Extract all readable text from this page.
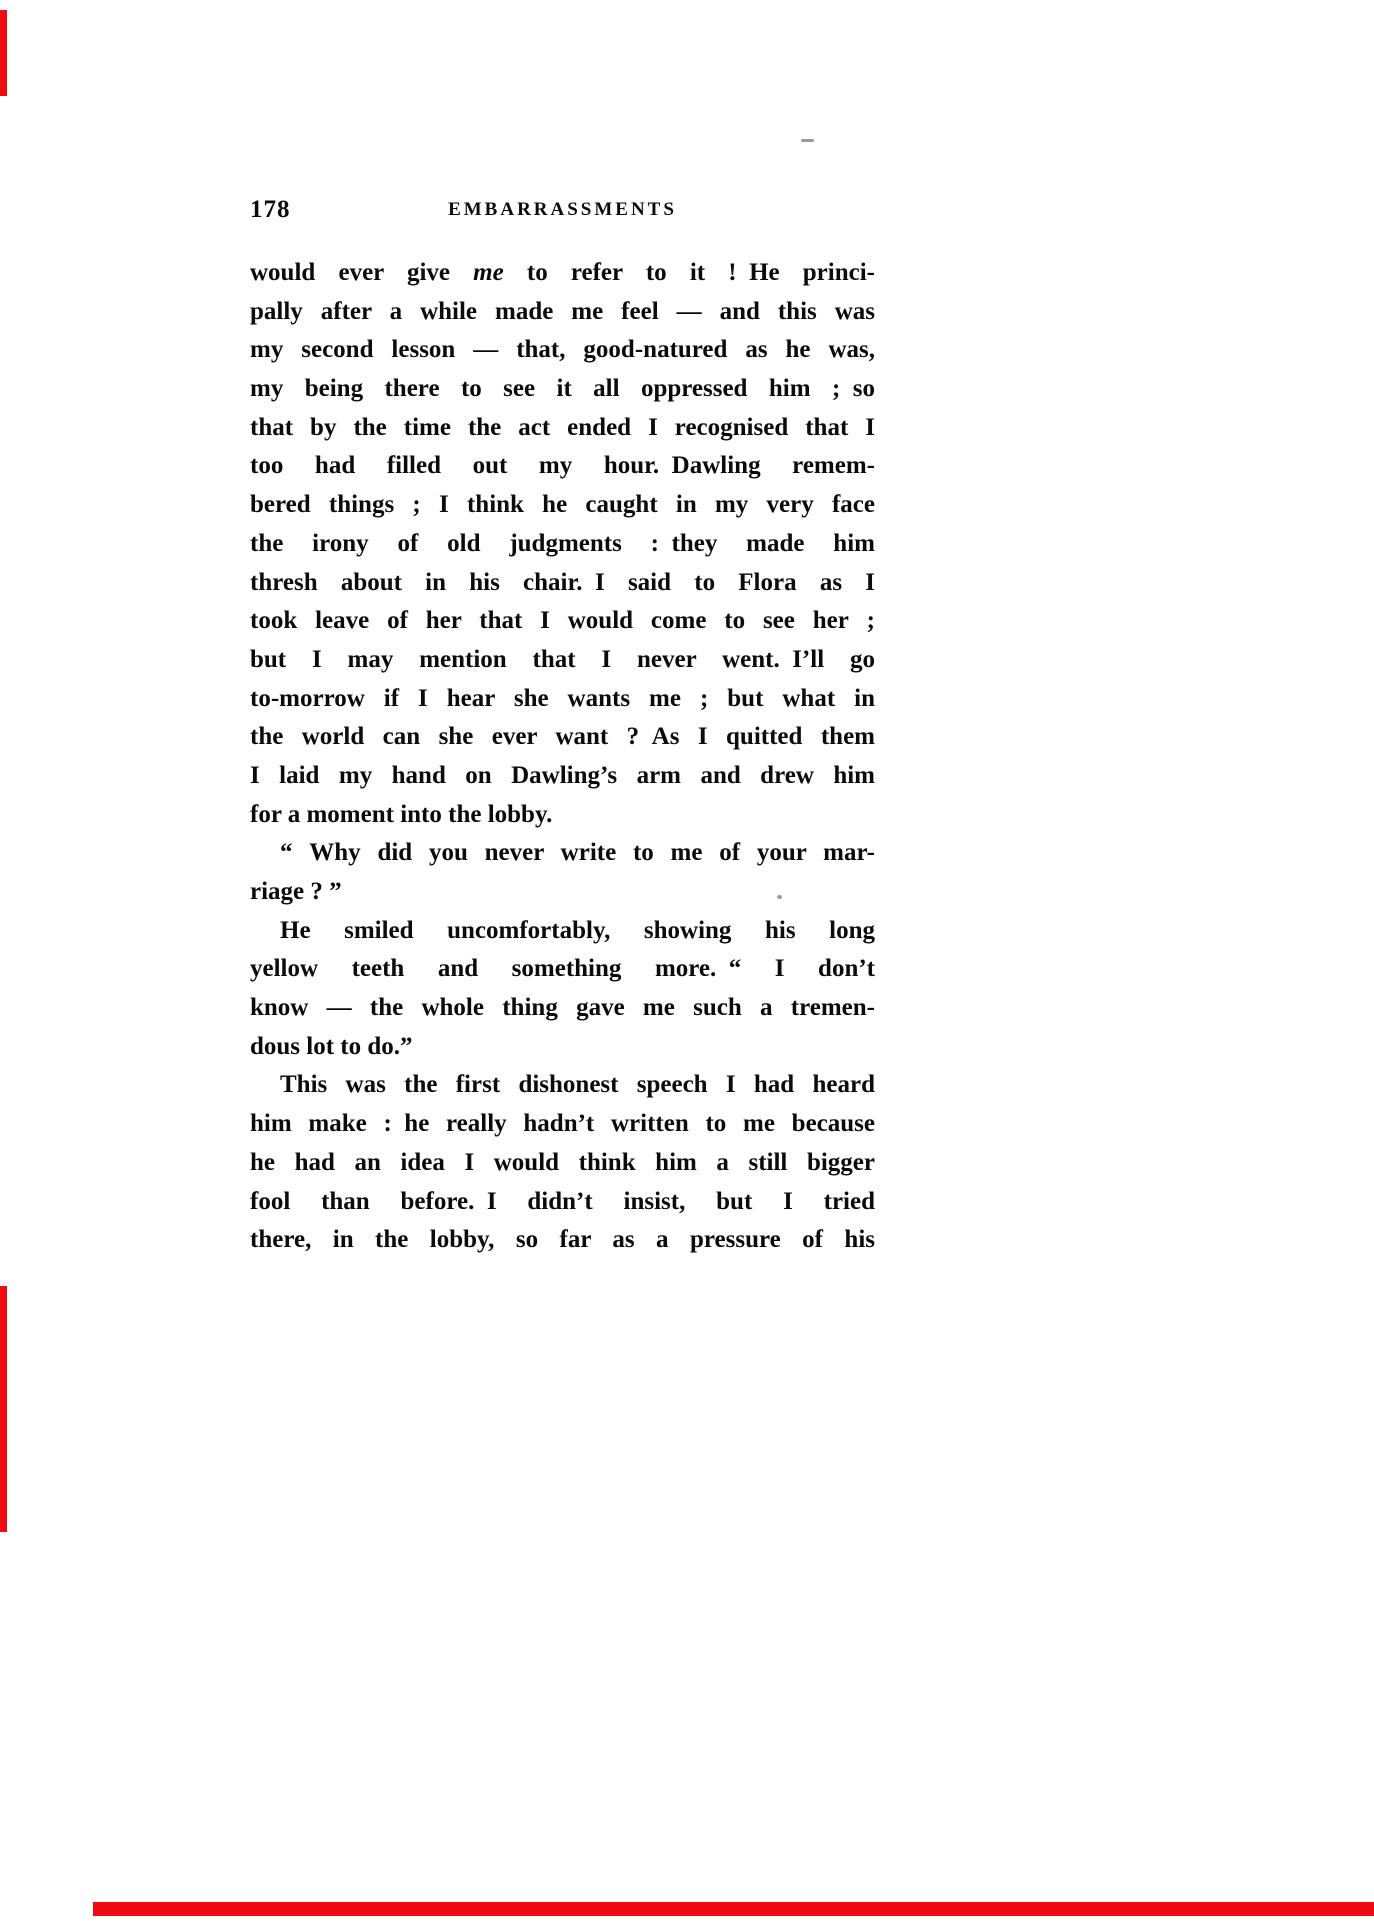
178	EMBARRASSMENTS
would ever give me to refer to it ! He princi-
pally after a while made me feel — and this was
my second lesson — that, good-natured as he was,
my being there to see it all oppressed him ; so
that by the time the act ended I recognised that I
too had filled out my hour. Dawling remem-
bered things ; I think he caught in my very face
the irony of old judgments : they made him
thresh about in his chair. I said to Flora as I
took leave of her that I would come to see her ;
but I may mention that I never went. I’ll go
to-morrow if I hear she wants me ; but what in
the world can she ever want ? As I quitted them
I laid my hand on Dawling’s arm and drew him
for a moment into the lobby.
“ Why did you never write to me of your mar-
riage ? ”
He smiled uncomfortably, showing his long
yellow teeth and something more. “ I don’t
know — the whole thing gave me such a tremen-
dous lot to do.”
This was the first dishonest speech I had heard
him make : he really hadn’t written to me because
he had an idea I would think him a still bigger
fool than before. I didn’t insist, but I tried
there, in the lobby, so far as a pressure of his
